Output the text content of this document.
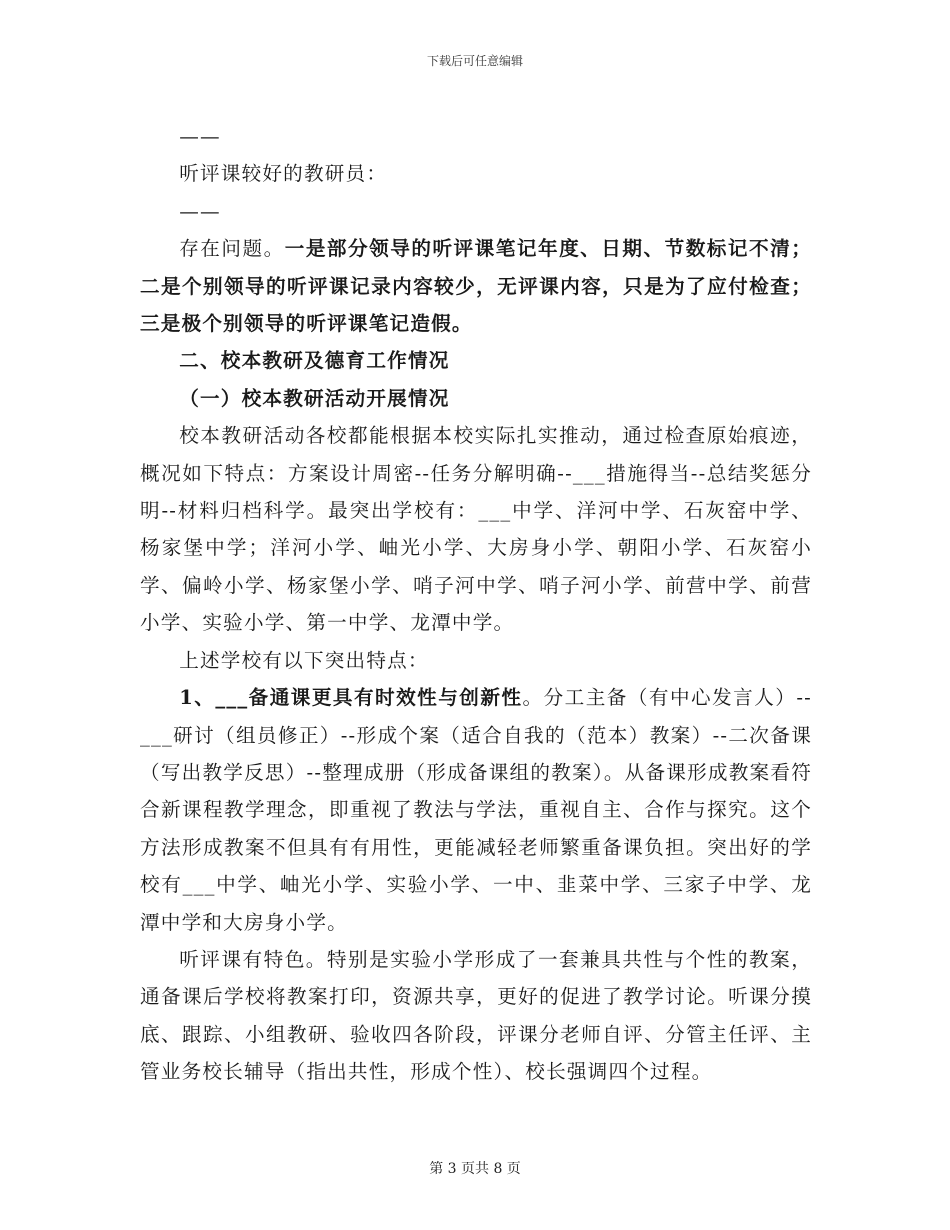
下载后可任意编辑

——

听评课较好的教研员：

——

存在问题。一是部分领导的听评课笔记年度、日期、节数标记不清；二是个别领导的听评课记录内容较少，无评课内容，只是为了应付检查；三是极个别领导的听评课笔记造假。

二、校本教研及德育工作情况

（一）校本教研活动开展情况

校本教研活动各校都能根据本校实际扎实推动，通过检查原始痕迹，概况如下特点：方案设计周密--任务分解明确--___措施得当--总结奖惩分明--材料归档科学。最突出学校有：___中学、洋河中学、石灰窑中学、杨家堡中学；洋河小学、岫光小学、大房身小学、朝阳小学、石灰窑小学、偏岭小学、杨家堡小学、哨子河中学、哨子河小学、前营中学、前营小学、实验小学、第一中学、龙潭中学。

上述学校有以下突出特点：

1、___备通课更具有时效性与创新性。分工主备（有中心发言人）--___研讨（组员修正）--形成个案（适合自我的（范本）教案）--二次备课（写出教学反思）--整理成册（形成备课组的教案）。从备课形成教案看符合新课程教学理念，即重视了教法与学法，重视自主、合作与探究。这个方法形成教案不但具有有用性，更能减轻老师繁重备课负担。突出好的学校有___中学、岫光小学、实验小学、一中、韭菜中学、三家子中学、龙潭中学和大房身小学。

听评课有特色。特别是实验小学形成了一套兼具共性与个性的教案，通备课后学校将教案打印，资源共享，更好的促进了教学讨论。听课分摸底、跟踪、小组教研、验收四各阶段，评课分老师自评、分管主任评、主管业务校长辅导（指出共性，形成个性）、校长强调四个过程。

第 3 页共 8 页
